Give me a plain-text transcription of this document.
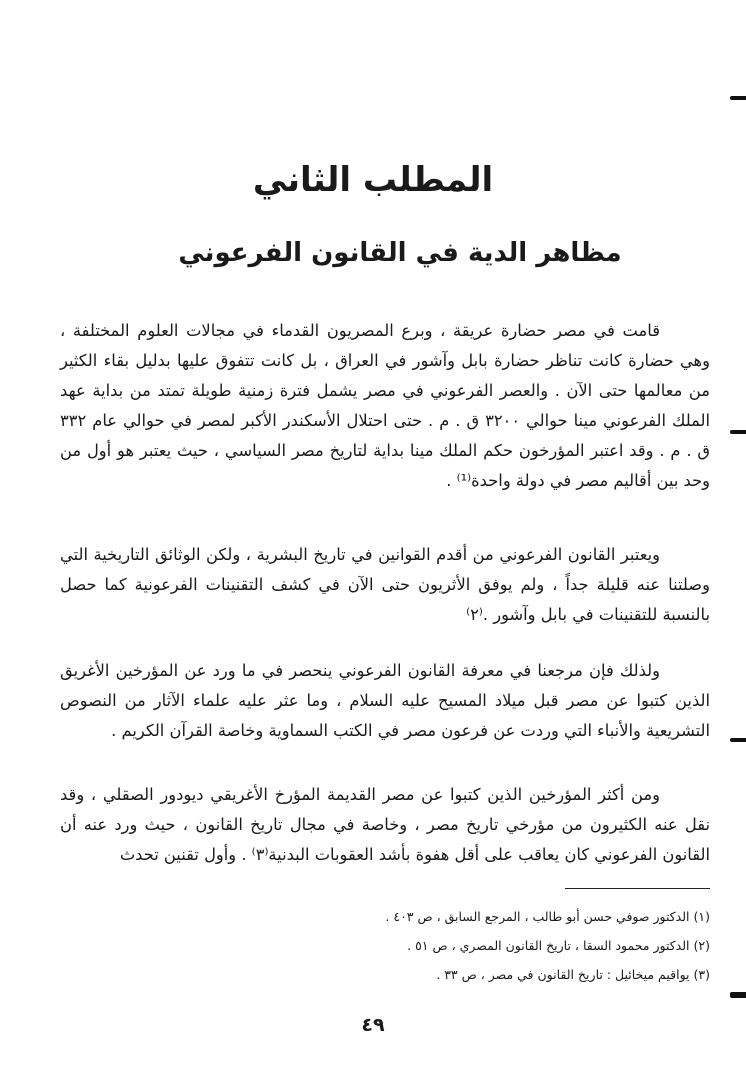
المطلب الثاني
مظاهر الدية في القانون الفرعوني

قامت في مصر حضارة عريقة ، وبرع المصريون القدماء في مجالات العلوم المختلفة ، وهي حضارة كانت تناظر حضارة بابل وآشور في العراق ، بل كانت تتفوق عليها بدليل بقاء الكثير من معالمها حتى الآن . والعصر الفرعوني في مصر يشمل فترة زمنية طويلة تمتد من بداية عهد الملك الفرعوني مينا حوالي ٣٢٠٠ ق . م . حتى احتلال الأسكندر الأكبر لمصر في حوالي عام ٣٣٢ ق . م . وقد اعتبر المؤرخون حكم الملك مينا بداية لتاريخ مصر السياسي ، حيث يعتبر هو أول من وحد بين أقاليم مصر في دولة واحدة⁽¹⁾ .

ويعتبر القانون الفرعوني من أقدم القوانين في تاريخ البشرية ، ولكن الوثائق التاريخية التي وصلتنا عنه قليلة جداً ، ولم يوفق الأثريون حتى الآن في كشف التقنينات الفرعونية كما حصل بالنسبة للتقنينات في بابل وآشور .⁽٢⁾

ولذلك فإن مرجعنا في معرفة القانون الفرعوني ينحصر في ما ورد عن المؤرخين الأغريق الذين كتبوا عن مصر قبل ميلاد المسيح عليه السلام ، وما عثر عليه علماء الآثار من النصوص التشريعية والأنباء التي وردت عن فرعون مصر في الكتب السماوية وخاصة القرآن الكريم .

ومن أكثر المؤرخين الذين كتبوا عن مصر القديمة المؤرخ الأغريقي ديودور الصقلي ، وقد نقل عنه الكثيرون من مؤرخي تاريخ مصر ، وخاصة في مجال تاريخ القانون ، حيث ورد عنه أن القانون الفرعوني كان يعاقب على أقل هفوة بأشد العقوبات البدنية⁽٣⁾ . وأول تقنين تحدث

(١) الدكتور صوفي حسن أبو طالب ، المرجع السابق ، ص ٤٠٣ .

(٢) الدكتور محمود السقا ، تاريخ القانون المصري ، ص ٥١ .

(٣) يواقيم ميخائيل : تاريخ القانون في مصر ، ص ٣٣ .

٤٩
